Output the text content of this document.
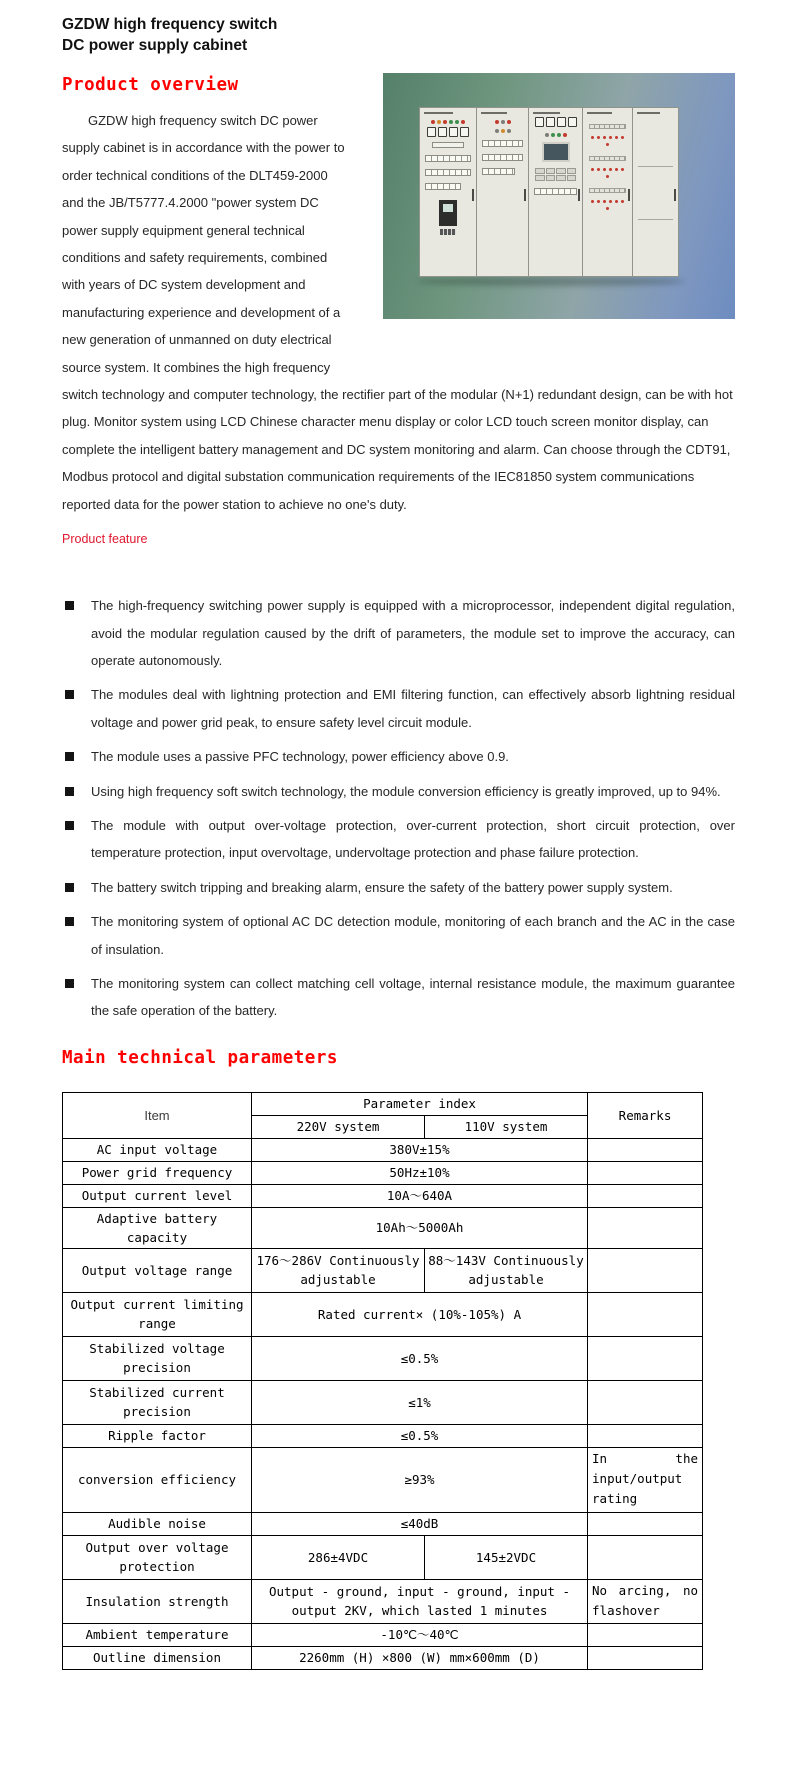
GZDW high frequency switch
DC power supply cabinet
Product overview

GZDW high frequency switch DC power supply cabinet is in accordance with the power to order technical conditions of the DLT459-2000 and the JB/T5777.4.2000 "power system DC power supply equipment general technical conditions and safety requirements, combined with years of DC system development and manufacturing experience and development of a new generation of unmanned on duty electrical source system. It combines the high frequency switch technology and computer technology, the rectifier part of the modular (N+1) redundant design, can be with hot plug. Monitor system using LCD Chinese character menu display or color LCD touch screen monitor display, can complete the intelligent battery management and DC system monitoring and alarm. Can choose through the CDT91, Modbus protocol and digital substation communication requirements of the IEC81850 system communications reported data for the power station to achieve no one's duty.

Product feature
The high-frequency switching power supply is equipped with a microprocessor, independent digital regulation, avoid the modular regulation caused by the drift of parameters, the module set to improve the accuracy, can operate autonomously.
The modules deal with lightning protection and EMI filtering function, can effectively absorb lightning residual voltage and power grid peak, to ensure safety level circuit module.
The module uses a passive PFC technology, power efficiency above 0.9.
Using high frequency soft switch technology, the module conversion efficiency is greatly improved, up to 94%.
The module with output over-voltage protection, over-current protection, short circuit protection, over temperature protection, input overvoltage, undervoltage protection and phase failure protection.
The battery switch tripping and breaking alarm, ensure the safety of the battery power supply system.
The monitoring system of optional AC DC detection module, monitoring of each branch and the AC in the case of insulation.
The monitoring system can collect matching cell voltage, internal resistance module, the maximum guarantee the safe operation of the battery.
Main technical parameters
Item	Parameter index		Remarks
	220V system	110V system	
AC input voltage	380V±15%		
Power grid frequency	50Hz±10%		
Output current level	10A～640A		
Adaptive battery capacity	10Ah～5000Ah		
Output voltage range	176～286V Continuously adjustable	88～143V Continuously adjustable	
Output current limiting range	Rated current× (10%-105%) A		
Stabilized voltage precision	≤0.5%		
Stabilized current precision	≤1%		
Ripple factor	≤0.5%		
conversion efficiency	≥93%		In the input/output rating
Audible noise	≤40dB		
Output over voltage protection	286±4VDC	145±2VDC	
Insulation strength	Output - ground, input - ground, input - output 2KV, which lasted 1 minutes		No arcing, no flashover
Ambient temperature	-10℃～40℃		
Outline dimension	2260mm (H) ×800 (W) mm×600mm (D)		
